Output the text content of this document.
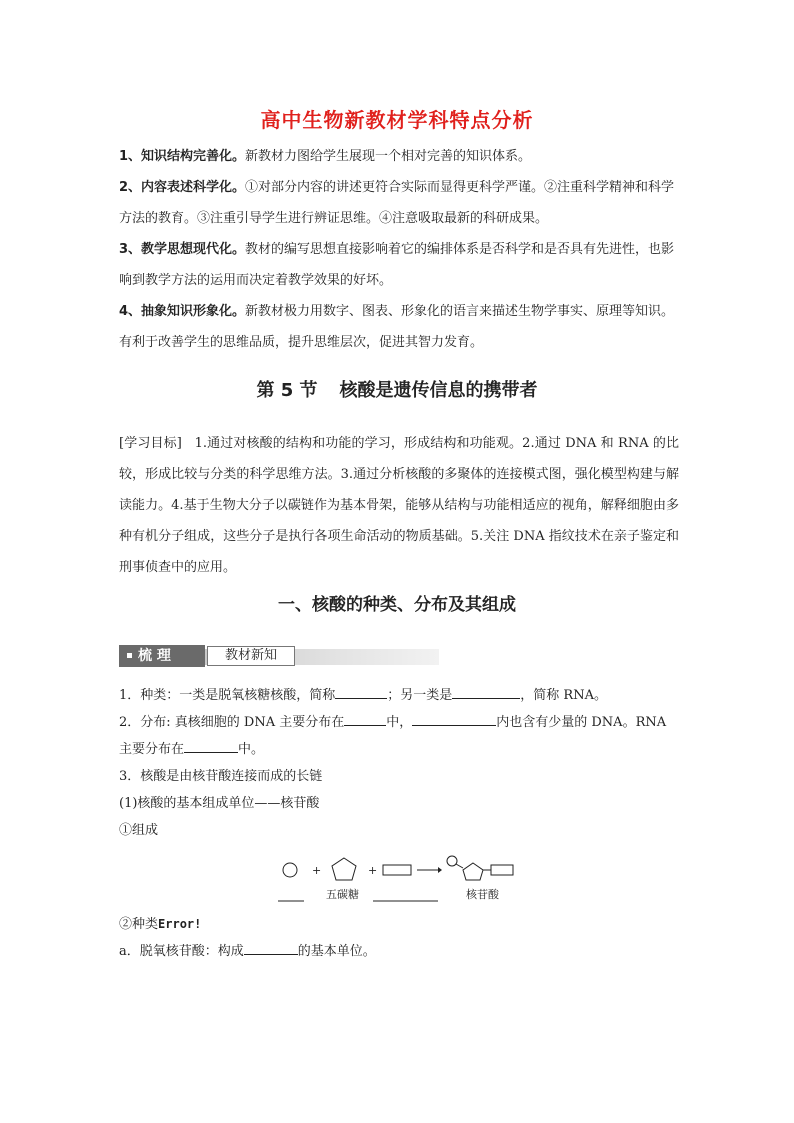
高中生物新教材学科特点分析
1、知识结构完善化。新教材力图给学生展现一个相对完善的知识体系。
2、内容表述科学化。①对部分内容的讲述更符合实际而显得更科学严谨。②注重科学精神和科学方法的教育。③注重引导学生进行辨证思维。④注意吸取最新的科研成果。
3、教学思想现代化。教材的编写思想直接影响着它的编排体系是否科学和是否具有先进性，也影响到教学方法的运用而决定着教学效果的好坏。
4、抽象知识形象化。新教材极力用数字、图表、形象化的语言来描述生物学事实、原理等知识。有利于改善学生的思维品质，提升思维层次，促进其智力发育。
第 5 节 核酸是遗传信息的携带者
[学习目标] 1.通过对核酸的结构和功能的学习，形成结构和功能观。2.通过 DNA 和 RNA 的比较，形成比较与分类的科学思维方法。3.通过分析核酸的多聚体的连接模式图，强化模型构建与解读能力。4.基于生物大分子以碳链作为基本骨架，能够从结构与功能相适应的视角，解释细胞由多种有机分子组成，这些分子是执行各项生命活动的物质基础。5.关注 DNA 指纹技术在亲子鉴定和刑事侦查中的应用。
一、核酸的种类、分布及其组成
梳 理	教材新知
1．种类：一类是脱氧核糖核酸，简称	；另一类是	，简称 RNA。
2．分布: 真核细胞的 DNA 主要分布在	中，	内也含有少量的 DNA。RNA 主要分布在	中。
3．核酸是由核苷酸连接而成的长链
(1)核酸的基本组成单位——核苷酸
①组成
+	+
五碳糖	核苷酸
②种类Error!
a．脱氧核苷酸：构成	的基本单位。
